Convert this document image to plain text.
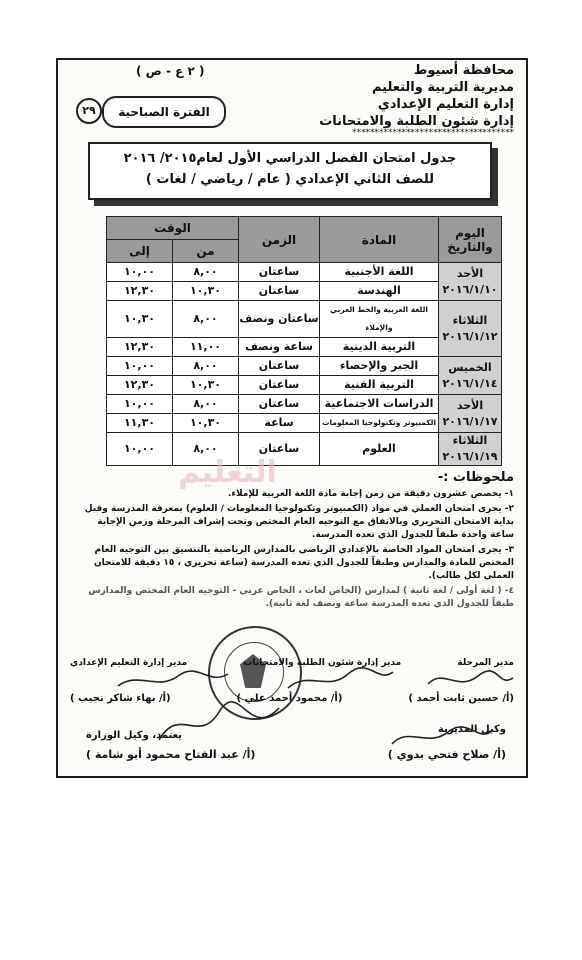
( ٢ ع - ص )	محافظة أسيوط
مديرية التربية والتعليم
إدارة التعليم الإعدادي
إدارة شئون الطلبة والامتحانات
************************************
الفترة الصباحية
٢٩
جدول امتحان الفصل الدراسي الأول لعام٢٠١٥/ ٢٠١٦
للصف الثاني الإعدادي ( عام / رياضي / لغات )
اليوم والتاريخ	المادة	الزمن	الوقت	
			من	إلى

الأحد
٢٠١٦/١/١٠	اللغة الأجنبية	ساعتان	٨,٠٠	١٠,٠٠
	الهندسة	ساعتان	١٠,٣٠	١٢,٣٠

الثلاثاء
٢٠١٦/١/١٢	اللغة العربية والخط العربي والإملاء	ساعتان ونصف	٨,٠٠	١٠,٣٠
	التربية الدينية	ساعة ونصف	١١,٠٠	١٢,٣٠

الخميس
٢٠١٦/١/١٤	الجبر والإحصاء	ساعتان	٨,٠٠	١٠,٠٠
	التربية الفنية	ساعتان	١٠,٣٠	١٢,٣٠

الأحد
٢٠١٦/١/١٧	الدراسات الاجتماعية	ساعتان	٨,٠٠	١٠,٠٠
	الكمبيوتر وتكنولوجيا المعلومات	ساعة	١٠,٣٠	١١,٣٠

الثلاثاء
٢٠١٦/١/١٩	العلوم	ساعتان	٨,٠٠	١٠,٠٠
التعليم	ملحوظات :-

١- يخصص عشرون دقيقة من زمن إجابة مادة اللغة العربية للإملاء.

٢- يجرى امتحان العملي في مواد (الكمبيوتر وتكنولوجيا المعلومات / العلوم) بمعرفة المدرسة وقبل بداية الامتحان التحريري وبالاتفاق مع التوجيه العام المختص وتحت إشراف المرحلة وزمن الإجابة ساعة واحدة طبقاً للجدول الذي تعده المدرسة.

٣- يجرى امتحان المواد الخاصة بالإعدادي الرياضي بالمدارس الرياضية بالتنسيق بين التوجيه العام المختص للمادة والمدارس وطبقاً للجدول الذي تعده المدرسة (ساعة تحريري ، ١٥ دقيقة للامتحان العملي لكل طالب).

٤- ( لغة أولى / لغة ثانية ) لمدارس (الخاص لغات ، الخاص عربي - التوجيه العام المختص والمدارس طبقاً للجدول الذي تعده المدرسة ساعة ونصف لغة ثانية).

مدير المرحلة
مدير إدارة شئون الطلبة والامتحانات
مدير إدارة التعليم الإعدادي
(أ/ حسين ثابت أحمد )
(أ/ محمود أحمد علي )
(أ/ بهاء شاكر نجيب )
يعتمد، وكيل الوزارة
(أ/ عبد الفتاح محمود أبو شامة )
وكيل المديرية
(أ/ صلاح فتحي بدوي )
